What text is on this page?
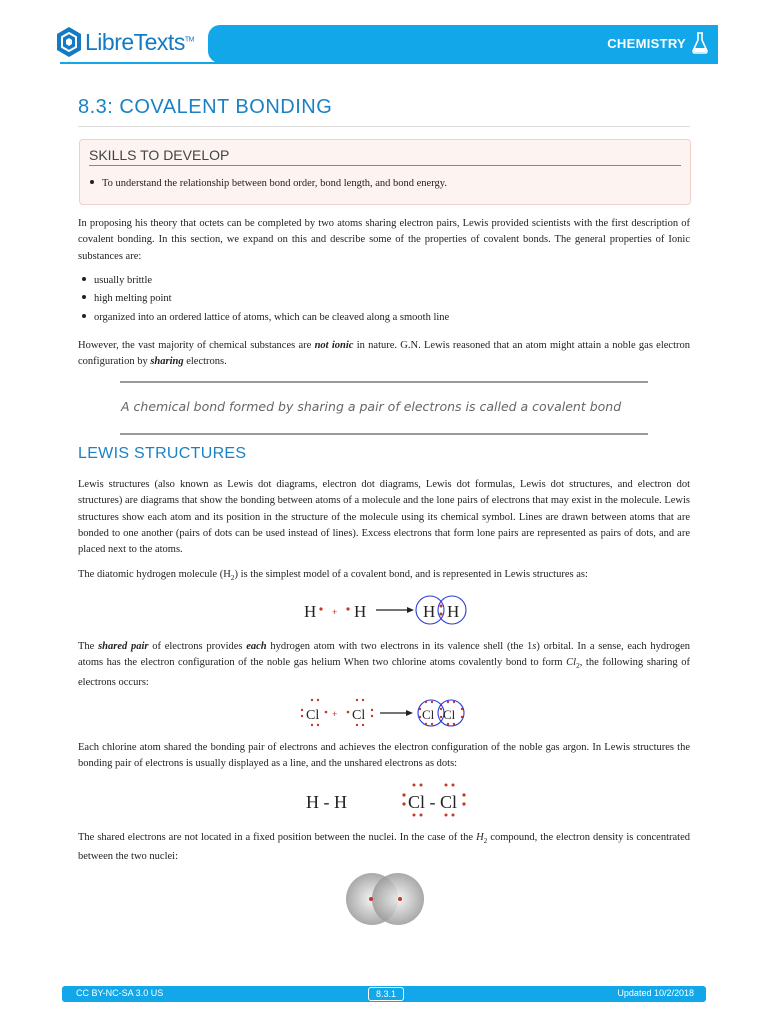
LibreTexts™	CHEMISTRY
8.3: COVALENT BONDING
SKILLS TO DEVELOP
To understand the relationship between bond order, bond length, and bond energy.

In proposing his theory that octets can be completed by two atoms sharing electron pairs, Lewis provided scientists with the first description of covalent bonding. In this section, we expand on this and describe some of the properties of covalent bonds. The general properties of Ionic substances are:

usually brittle
high melting point
organized into an ordered lattice of atoms, which can be cleaved along a smooth line

However, the vast majority of chemical substances are not ionic in nature. G.N. Lewis reasoned that an atom might attain a noble gas electron configuration by sharing electrons.

A chemical bond formed by sharing a pair of electrons is called a covalent bond
LEWIS STRUCTURES

Lewis structures (also known as Lewis dot diagrams, electron dot diagrams, Lewis dot formulas, Lewis dot structures, and electron dot structures) are diagrams that show the bonding between atoms of a molecule and the lone pairs of electrons that may exist in the molecule. Lewis structures show each atom and its position in the structure of the molecule using its chemical symbol. Lines are drawn between atoms that are bonded to one another (pairs of dots can be used instead of lines). Excess electrons that form lone pairs are represented as pairs of dots, and are placed next to the atoms.

The diatomic hydrogen molecule $(H_2)$ is the simplest model of a covalent bond, and is represented in Lewis structures as:

H + H	H H

The shared pair of electrons provides each hydrogen atom with two electrons in its valence shell (the 1s) orbital. In a sense, each hydrogen atoms has the electron configuration of the noble gas helium When two chlorine atoms covalently bond to form $Cl_2$, the following sharing of electrons occurs:

Cl + Cl	Cl Cl

Each chlorine atom shared the bonding pair of electrons and achieves the electron configuration of the noble gas argon. In Lewis structures the bonding pair of electrons is usually displayed as a line, and the unshared electrons as dots:

H - H	Cl - Cl

The shared electrons are not located in a fixed position between the nuclei. In the case of the $H_2$ compound, the electron density is concentrated between the two nuclei:

CC BY-NC-SA 3.0 US	8.3.1	Updated 10/2/2018
